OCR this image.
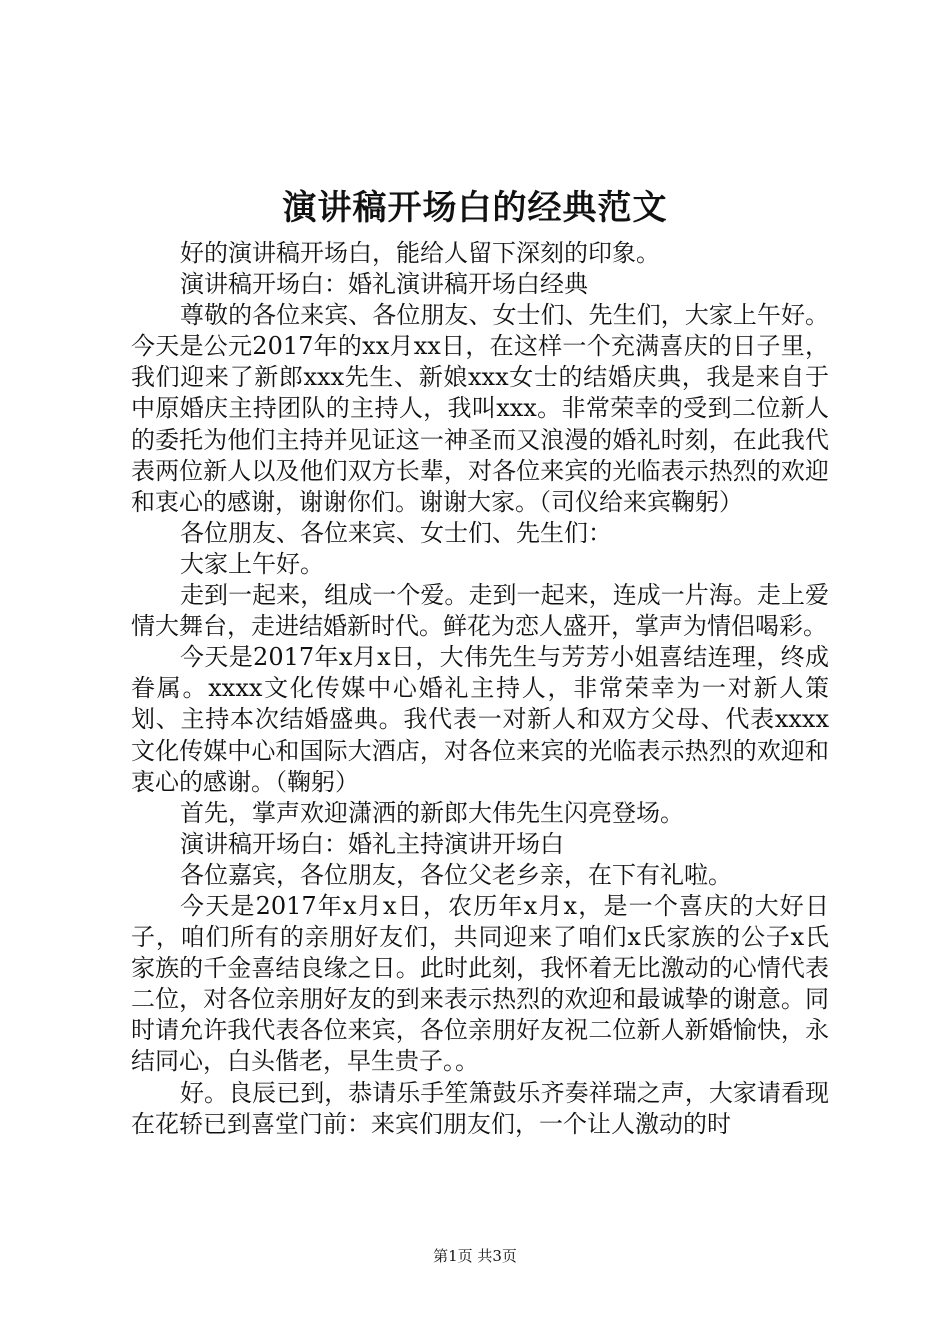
演讲稿开场白的经典范文

好的演讲稿开场白，能给人留下深刻的印象。

演讲稿开场白：婚礼演讲稿开场白经典

尊敬的各位来宾、各位朋友、女士们、先生们，大家上午好。今天是公元2017年的xx月xx日，在这样一个充满喜庆的日子里，我们迎来了新郎xxx先生、新娘xxx女士的结婚庆典，我是来自于中原婚庆主持团队的主持人，我叫xxx。非常荣幸的受到二位新人的委托为他们主持并见证这一神圣而又浪漫的婚礼时刻，在此我代表两位新人以及他们双方长辈，对各位来宾的光临表示热烈的欢迎和衷心的感谢，谢谢你们。谢谢大家。（司仪给来宾鞠躬）

各位朋友、各位来宾、女士们、先生们：

大家上午好。

走到一起来，组成一个爱。走到一起来，连成一片海。走上爱情大舞台，走进结婚新时代。鲜花为恋人盛开，掌声为情侣喝彩。

今天是2017年x月x日，大伟先生与芳芳小姐喜结连理，终成眷属。xxxx文化传媒中心婚礼主持人，非常荣幸为一对新人策划、主持本次结婚盛典。我代表一对新人和双方父母、代表xxxx文化传媒中心和国际大酒店，对各位来宾的光临表示热烈的欢迎和衷心的感谢。（鞠躬）

首先，掌声欢迎潇洒的新郎大伟先生闪亮登场。

演讲稿开场白：婚礼主持演讲开场白

各位嘉宾，各位朋友，各位父老乡亲，在下有礼啦。

今天是2017年x月x日，农历年x月x，是一个喜庆的大好日子，咱们所有的亲朋好友们，共同迎来了咱们x氏家族的公子x氏家族的千金喜结良缘之日。此时此刻，我怀着无比激动的心情代表二位，对各位亲朋好友的到来表示热烈的欢迎和最诚挚的谢意。同时请允许我代表各位来宾，各位亲朋好友祝二位新人新婚愉快，永结同心，白头偕老，早生贵子。。

好。良辰已到，恭请乐手笙箫鼓乐齐奏祥瑞之声，大家请看现在花轿已到喜堂门前：来宾们朋友们，一个让人激动的时

第1页 共3页
